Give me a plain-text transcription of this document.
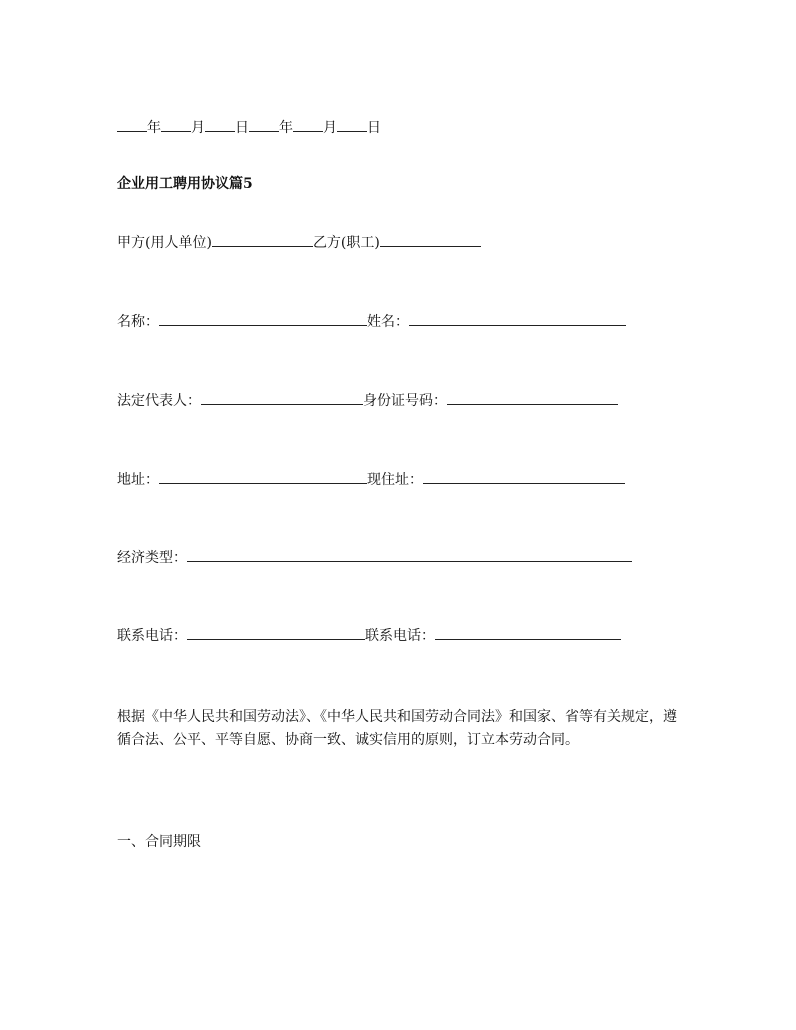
年 月 日 年 月 日
企业用工聘用协议篇5
甲方(用人单位)	乙方(职工)
名称：	姓名：
法定代表人：	身份证号码：
地址：	现住址：
经济类型：
联系电话：	联系电话：
根据《中华人民共和国劳动法》、《中华人民共和国劳动合同法》和国家、省等有关规定，遵循合法、公平、平等自愿、协商一致、诚实信用的原则，订立本劳动合同。
一、合同期限
